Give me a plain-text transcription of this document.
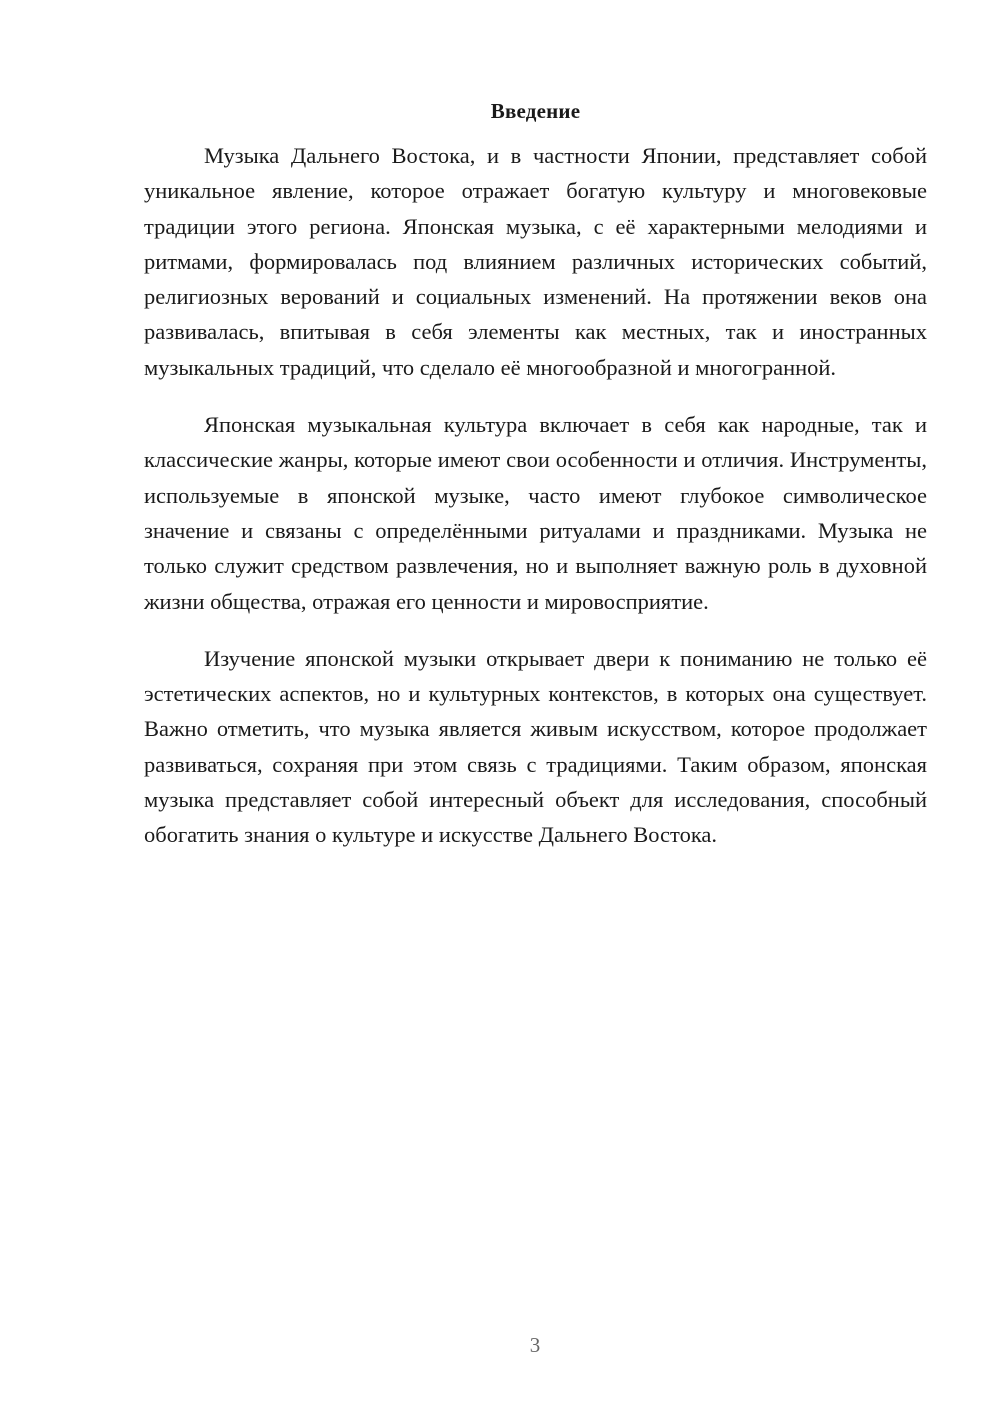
Введение

Музыка Дальнего Востока, и в частности Японии, представляет собой уникальное явление, которое отражает богатую культуру и многовековые традиции этого региона. Японская музыка, с её характерными мелодиями и ритмами, формировалась под влиянием различных исторических событий, религиозных верований и социальных изменений. На протяжении веков она развивалась, впитывая в себя элементы как местных, так и иностранных музыкальных традиций, что сделало её многообразной и многогранной.

Японская музыкальная культура включает в себя как народные, так и классические жанры, которые имеют свои особенности и отличия. Инструменты, используемые в японской музыке, часто имеют глубокое символическое значение и связаны с определёнными ритуалами и праздниками. Музыка не только служит средством развлечения, но и выполняет важную роль в духовной жизни общества, отражая его ценности и мировосприятие.

Изучение японской музыки открывает двери к пониманию не только её эстетических аспектов, но и культурных контекстов, в которых она существует. Важно отметить, что музыка является живым искусством, которое продолжает развиваться, сохраняя при этом связь с традициями. Таким образом, японская музыка представляет собой интересный объект для исследования, способный обогатить знания о культуре и искусстве Дальнего Востока.

3
